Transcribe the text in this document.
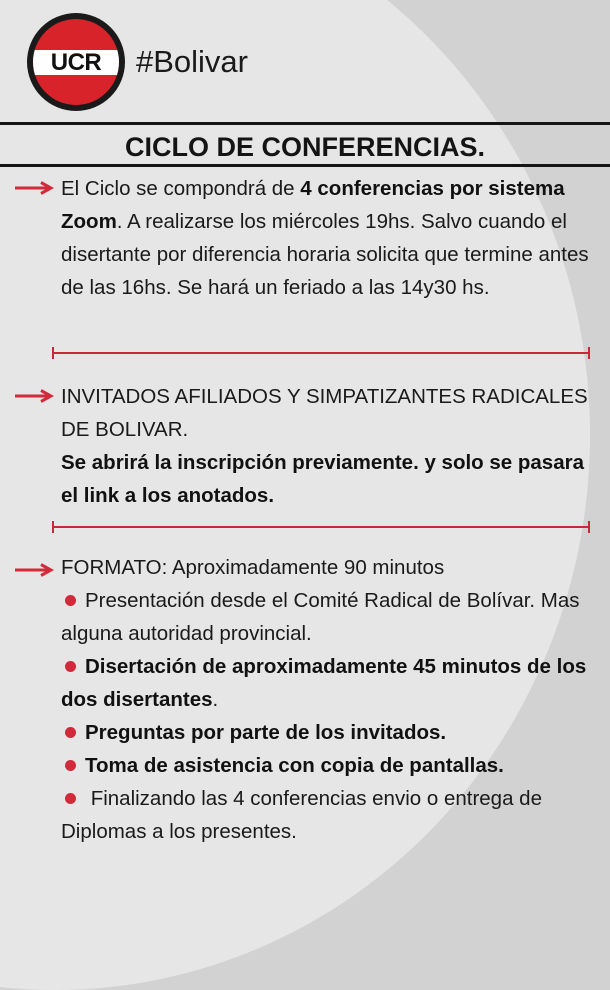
UCR	#Bolivar
CICLO DE CONFERENCIAS.
El Ciclo se compondrá de 4 conferencias por sistema Zoom. A realizarse los miércoles 19hs. Salvo cuando el disertante por diferencia horaria solicita que termine antes de las 16hs. Se hará un feriado a las 14y30 hs.
INVITADOS AFILIADOS Y SIMPATIZANTES RADICALES DE BOLIVAR.
Se abrirá la inscripción previamente. y solo se pasara el link a los anotados.
FORMATO: Aproximadamente 90 minutos
Presentación desde el Comité Radical de Bolívar. Mas alguna autoridad provincial.
Disertación de aproximadamente 45 minutos de los dos disertantes.
Preguntas por parte de los invitados.
Toma de asistencia con copia de pantallas.
Finalizando las 4 conferencias envio o entrega de Diplomas a los presentes.
